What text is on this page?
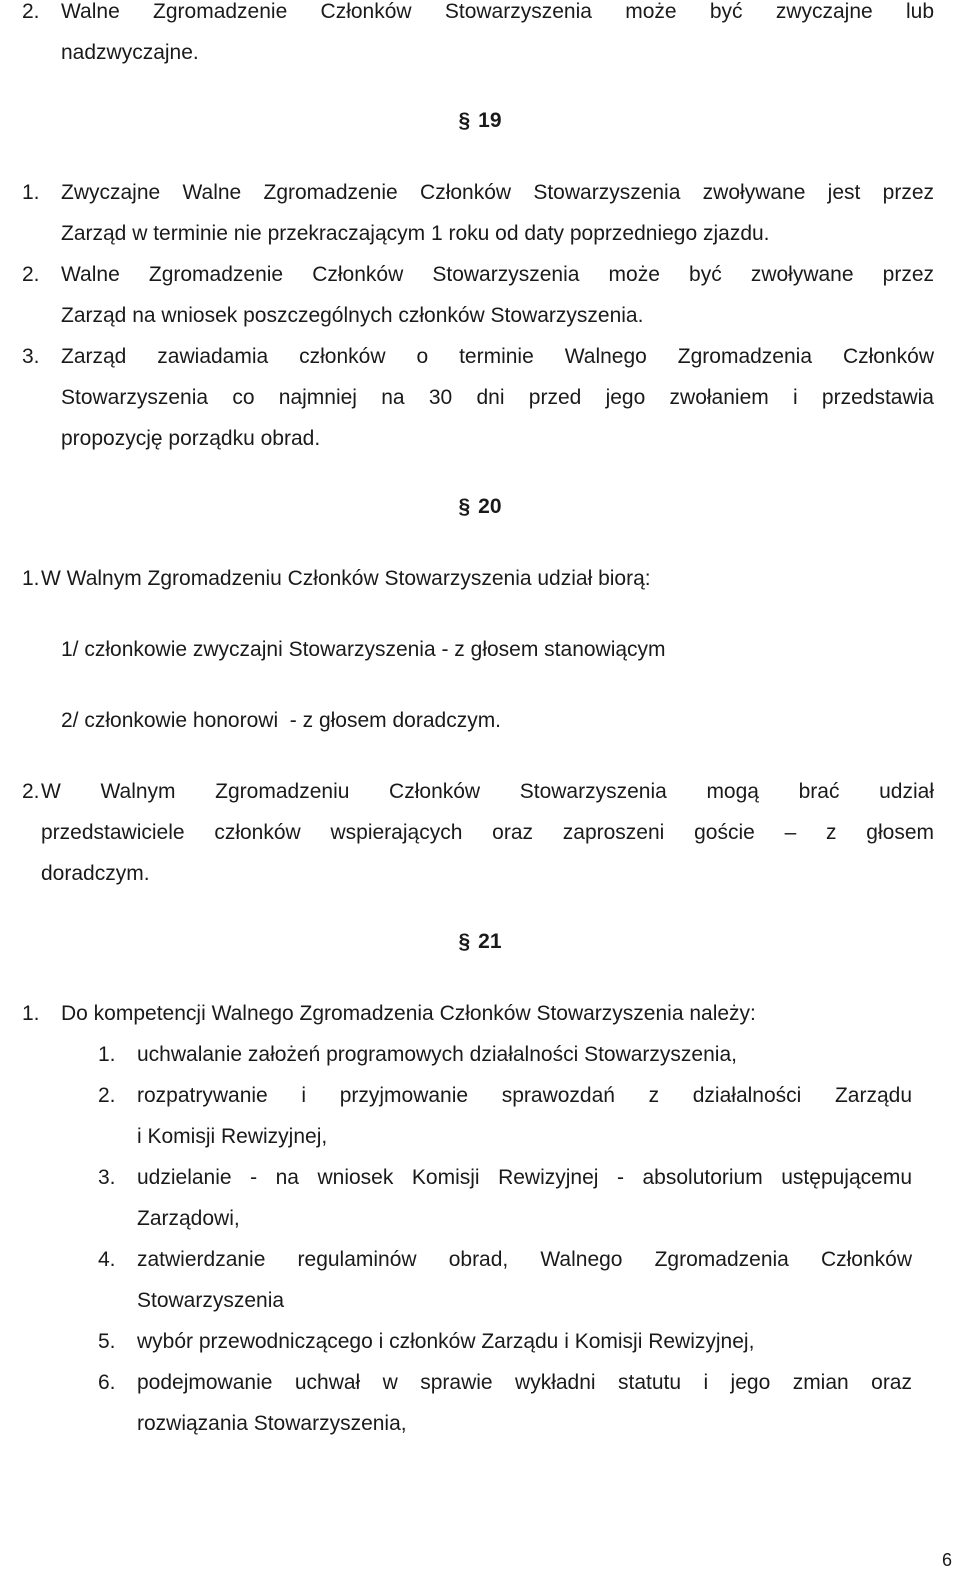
2. Walne Zgromadzenie Członków Stowarzyszenia może być zwyczajne lub
nadzwyczajne.
§ 19
1. Zwyczajne Walne Zgromadzenie Członków Stowarzyszenia zwoływane jest przez
Zarząd w terminie nie przekraczającym 1 roku od daty poprzedniego zjazdu.
2. Walne Zgromadzenie Członków Stowarzyszenia może być zwoływane przez
Zarząd na wniosek poszczególnych członków Stowarzyszenia.
3. Zarząd zawiadamia członków o terminie Walnego Zgromadzenia Członków
Stowarzyszenia co najmniej na 30 dni przed jego zwołaniem i przedstawia
propozycję porządku obrad.
§ 20
1. W Walnym Zgromadzeniu Członków Stowarzyszenia udział biorą:
1/ członkowie zwyczajni Stowarzyszenia - z głosem stanowiącym
2/ członkowie honorowi  - z głosem doradczym.
2. W Walnym Zgromadzeniu Członków Stowarzyszenia mogą brać udział
przedstawiciele członków wspierających oraz zaproszeni goście – z głosem
doradczym.
§ 21
1. Do kompetencji Walnego Zgromadzenia Członków Stowarzyszenia należy:
1. uchwalanie założeń programowych działalności Stowarzyszenia,
2. rozpatrywanie i przyjmowanie sprawozdań z działalności Zarządu
i Komisji Rewizyjnej,
3. udzielanie - na wniosek Komisji Rewizyjnej - absolutorium ustępującemu
Zarządowi,
4. zatwierdzanie regulaminów obrad, Walnego Zgromadzenia Członków
Stowarzyszenia
5. wybór przewodniczącego i członków Zarządu i Komisji Rewizyjnej,
6. podejmowanie uchwał w sprawie wykładni statutu i jego zmian oraz
rozwiązania Stowarzyszenia,
6
